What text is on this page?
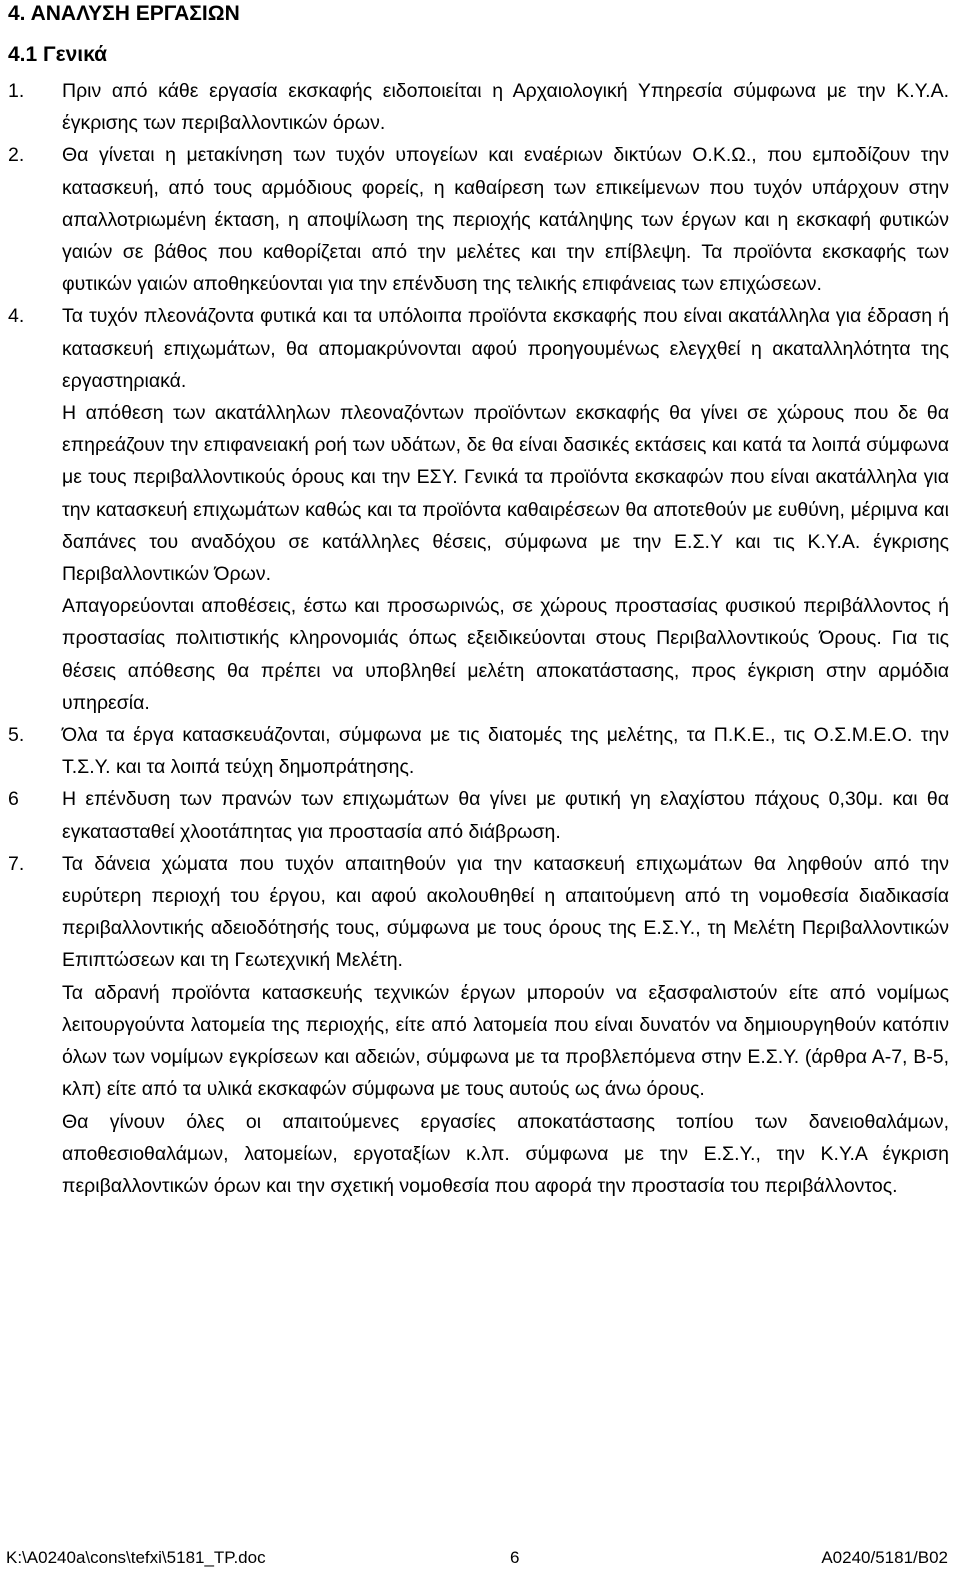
4. ΑΝΑΛΥΣΗ ΕΡΓΑΣΙΩΝ
4.1 Γενικά
1.	Πριν από κάθε εργασία εκσκαφής ειδοποιείται η Αρχαιολογική Υπηρεσία σύμφωνα με την Κ.Υ.Α. έγκρισης των περιβαλλοντικών όρων.

2.	Θα γίνεται η μετακίνηση των τυχόν υπογείων και εναέριων δικτύων Ο.Κ.Ω., που εμποδίζουν την κατασκευή, από τους αρμόδιους φορείς, η καθαίρεση των επικείμενων που τυχόν υπάρχουν στην απαλλοτριωμένη έκταση, η αποψίλωση της περιοχής κατάληψης των έργων και η εκσκαφή φυτικών γαιών σε βάθος που καθορίζεται από την μελέτες και την επίβλεψη. Τα προϊόντα εκσκαφής των φυτικών γαιών αποθηκεύονται για την επένδυση της τελικής επιφάνειας των επιχώσεων.

4.	Τα τυχόν πλεονάζοντα φυτικά και τα υπόλοιπα προϊόντα εκσκαφής που είναι ακατάλληλα για έδραση ή κατασκευή επιχωμάτων, θα απομακρύνονται αφού προηγουμένως ελεγχθεί η ακαταλληλότητα της εργαστηριακά.

Η απόθεση των ακατάλληλων πλεοναζόντων προϊόντων εκσκαφής θα γίνει σε χώρους που δε θα επηρεάζουν την επιφανειακή ροή των υδάτων, δε θα είναι δασικές εκτάσεις και κατά τα λοιπά σύμφωνα με τους περιβαλλοντικούς όρους και την ΕΣΥ. Γενικά τα προϊόντα εκσκαφών που είναι ακατάλληλα για την κατασκευή επιχωμάτων καθώς και τα προϊόντα καθαιρέσεων θα αποτεθούν με ευθύνη, μέριμνα και δαπάνες του αναδόχου σε κατάλληλες θέσεις, σύμφωνα με την Ε.Σ.Υ και τις Κ.Υ.Α. έγκρισης Περιβαλλοντικών Όρων.

Απαγορεύονται αποθέσεις, έστω και προσωρινώς, σε χώρους προστασίας φυσικού περιβάλλοντος ή προστασίας πολιτιστικής κληρονομιάς όπως εξειδικεύονται στους Περιβαλλοντικούς Όρους. Για τις θέσεις απόθεσης θα πρέπει να υποβληθεί μελέτη αποκατάστασης, προς έγκριση στην αρμόδια υπηρεσία.

5.	Όλα τα έργα κατασκευάζονται, σύμφωνα με τις διατομές της μελέτης, τα Π.Κ.Ε., τις Ο.Σ.Μ.Ε.Ο. την Τ.Σ.Υ. και τα λοιπά τεύχη δημοπράτησης.

6	Η επένδυση των πρανών των επιχωμάτων θα γίνει με φυτική γη ελαχίστου πάχους 0,30μ. και θα εγκατασταθεί χλοοτάπητας για προστασία από διάβρωση.

7.	Τα δάνεια χώματα που τυχόν απαιτηθούν για την κατασκευή επιχωμάτων θα ληφθούν από την ευρύτερη περιοχή του έργου, και αφού ακολουθηθεί η απαιτούμενη από τη νομοθεσία διαδικασία περιβαλλοντικής αδειοδότησής τους, σύμφωνα με τους όρους της Ε.Σ.Υ., τη Μελέτη Περιβαλλοντικών Επιπτώσεων και τη Γεωτεχνική Μελέτη.

Τα αδρανή προϊόντα κατασκευής τεχνικών έργων μπορούν να εξασφαλιστούν είτε από νομίμως λειτουργούντα λατομεία της περιοχής, είτε από λατομεία που είναι δυνατόν να δημιουργηθούν κατόπιν όλων των νομίμων εγκρίσεων και αδειών, σύμφωνα με τα προβλεπόμενα στην Ε.Σ.Υ. (άρθρα Α-7, Β-5, κλπ) είτε από τα υλικά εκσκαφών σύμφωνα με τους αυτούς ως άνω όρους.

Θα γίνουν όλες οι απαιτούμενες εργασίες αποκατάστασης τοπίου των δανειοθαλάμων, αποθεσιοθαλάμων, λατομείων, εργοταξίων κ.λπ. σύμφωνα με την Ε.Σ.Υ., την Κ.Υ.Α έγκριση περιβαλλοντικών όρων και την σχετική νομοθεσία που αφορά την προστασία του περιβάλλοντος.

K:\A0240a\cons\tefxi\5181_TP.doc	6	A0240/5181/B02
